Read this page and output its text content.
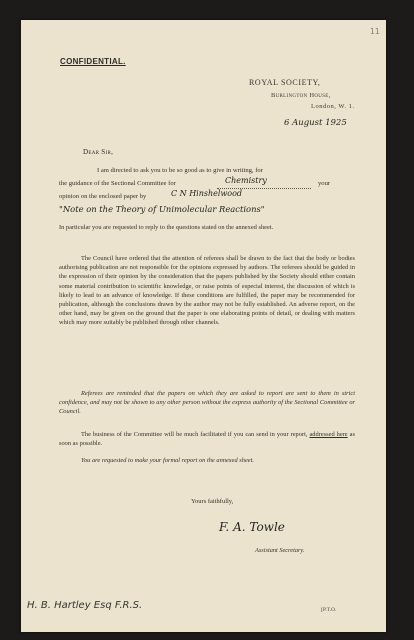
11
CONFIDENTIAL.
ROYAL SOCIETY,
Burlington House,
London, W. 1.
6 August 1925
Dear Sir,
I am directed to ask you to be so good as to give in writing, for
the guidance of the Sectional Committee for	Chemistry	your
opinion on the enclosed paper by	C N Hinshelwood
"Note on the Theory of Unimolecular Reactions"
In particular you are requested to reply to the questions stated on the annexed sheet.
The Council have ordered that the attention of referees shall be drawn to the fact that the body or bodies authorising publication are not responsible for the opinions expressed by authors. The referees should be guided in the expression of their opinion by the consideration that the papers published by the Society should either contain some material contribution to scientific knowledge, or raise points of especial interest, the discussion of which is likely to lead to an advance of knowledge. If these conditions are fulfilled, the paper may be recommended for publication, although the conclusions drawn by the author may not be fully established. An adverse report, on the other hand, may be given on the ground that the paper is one elaborating points of detail, or dealing with matters which may more suitably be published through other channels.
Referees are reminded that the papers on which they are asked to report are sent to them in strict confidence, and may not be shown to any other person without the express authority of the Sectional Committee or Council.
The business of the Committee will be much facilitated if you can send in your report, addressed here as soon as possible.
You are requested to make your formal report on the annexed sheet.
Yours faithfully,
F. A. Towle
Assistant Secretary.
H. B. Hartley Esq F.R.S.	[P.T.O.
